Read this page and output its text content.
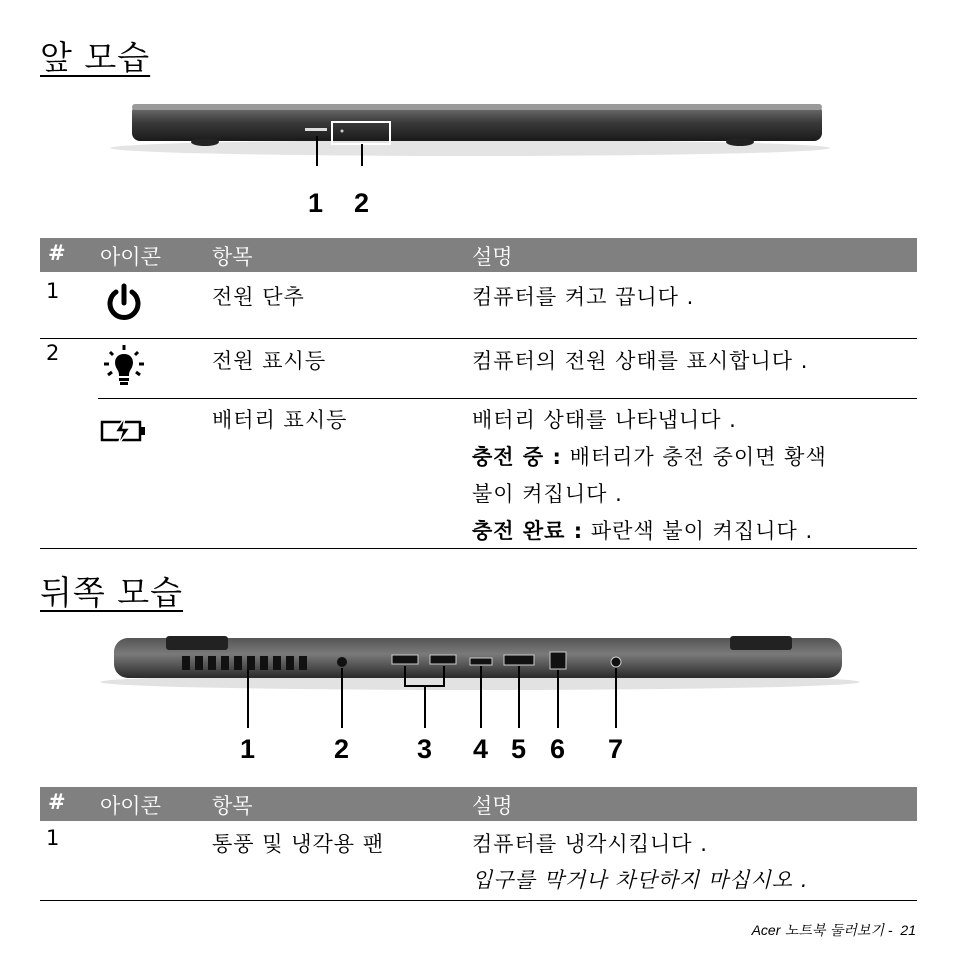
앞 모습
1 2
# 아이콘 항목	설명
1	전원 단추	컴퓨터를 켜고 끕니다 .
2	전원 표시등	컴퓨터의 전원 상태를 표시합니다 .
배터리 표시등	배터리 상태를 나타냅니다 .
충전 중 : 배터리가 충전 중이면 황색
불이 켜집니다 .
충전 완료 : 파란색 불이 켜집니다 .
뒤쪽 모습
1	2	3 4 5 6 7
# 아이콘 항목	설명
1	통풍 및 냉각용 팬	컴퓨터를 냉각시킵니다 .
입구를 막거나 차단하지 마십시오 .
Acer 노트북 둘러보기 - 21
